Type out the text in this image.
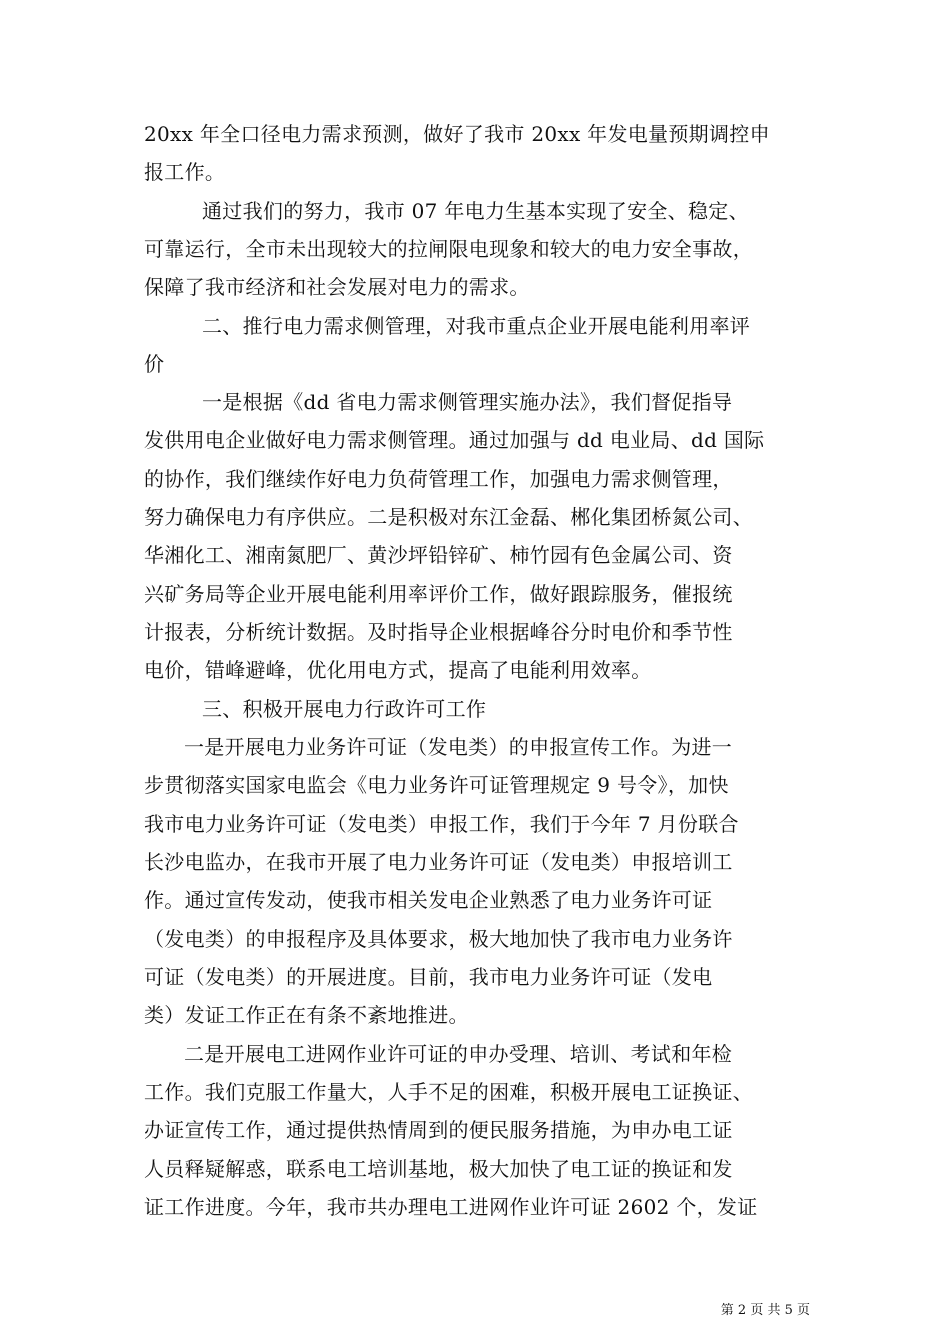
20xx 年全口径电力需求预测，做好了我市 20xx 年发电量预期调控申
报工作。
通过我们的努力，我市 07 年电力生基本实现了安全、稳定、
可靠运行，全市未出现较大的拉闸限电现象和较大的电力安全事故，
保障了我市经济和社会发展对电力的需求。
二、推行电力需求侧管理，对我市重点企业开展电能利用率评
价
一是根据《dd 省电力需求侧管理实施办法》，我们督促指导
发供用电企业做好电力需求侧管理。通过加强与 dd 电业局、dd 国际
的协作，我们继续作好电力负荷管理工作，加强电力需求侧管理，
努力确保电力有序供应。二是积极对东江金磊、郴化集团桥氮公司、
华湘化工、湘南氮肥厂、黄沙坪铅锌矿、柿竹园有色金属公司、资
兴矿务局等企业开展电能利用率评价工作，做好跟踪服务，催报统
计报表，分析统计数据。及时指导企业根据峰谷分时电价和季节性
电价，错峰避峰，优化用电方式，提高了电能利用效率。
三、积极开展电力行政许可工作
一是开展电力业务许可证（发电类）的申报宣传工作。为进一
步贯彻落实国家电监会《电力业务许可证管理规定 9 号令》，加快
我市电力业务许可证（发电类）申报工作，我们于今年 7 月份联合
长沙电监办，在我市开展了电力业务许可证（发电类）申报培训工
作。通过宣传发动，使我市相关发电企业熟悉了电力业务许可证
（发电类）的申报程序及具体要求，极大地加快了我市电力业务许
可证（发电类）的开展进度。目前，我市电力业务许可证（发电
类）发证工作正在有条不紊地推进。
二是开展电工进网作业许可证的申办受理、培训、考试和年检
工作。我们克服工作量大，人手不足的困难，积极开展电工证换证、
办证宣传工作，通过提供热情周到的便民服务措施，为申办电工证
人员释疑解惑，联系电工培训基地，极大加快了电工证的换证和发
证工作进度。今年，我市共办理电工进网作业许可证 2602 个，发证
第 2 页 共 5 页
